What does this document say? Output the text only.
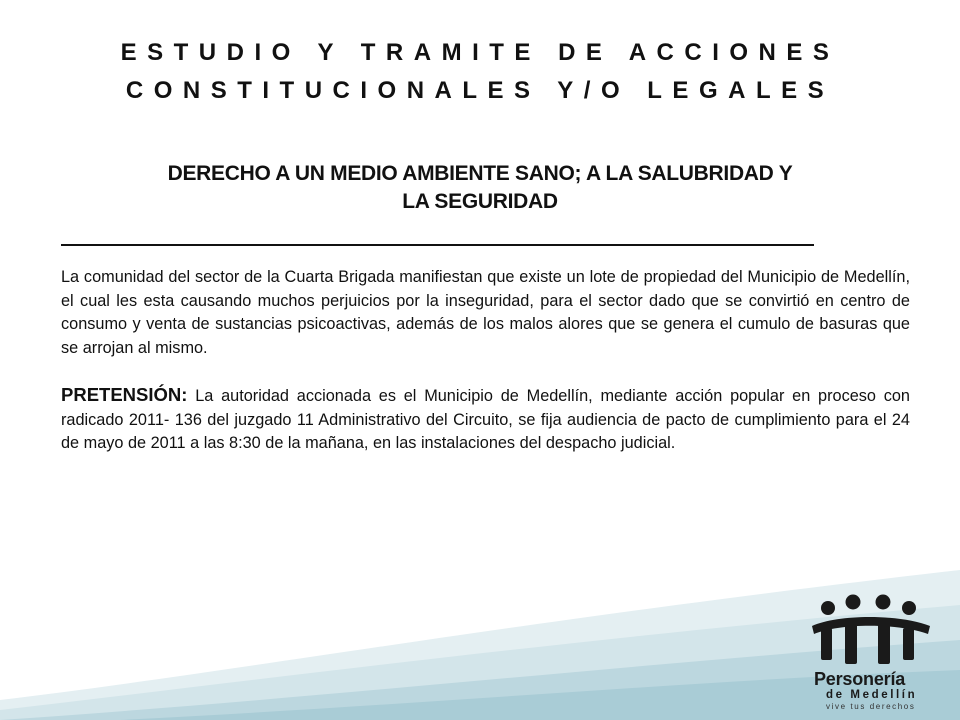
ESTUDIO Y TRAMITE DE ACCIONES
CONSTITUCIONALES Y/O LEGALES
DERECHO A UN MEDIO AMBIENTE SANO; A LA SALUBRIDAD Y
LA SEGURIDAD

La comunidad del sector de la Cuarta Brigada manifiestan que existe un lote de propiedad del Municipio de Medellín, el cual les esta causando muchos perjuicios por la inseguridad, para el sector dado que se convirtió en centro de consumo y venta de sustancias psicoactivas, además de los malos alores que se genera el cumulo de basuras que se arrojan al mismo.

PRETENSIÓN: La autoridad accionada es el Municipio de Medellín, mediante acción popular en proceso con radicado 2011- 136 del juzgado 11 Administrativo del Circuito, se fija audiencia de pacto de cumplimiento para el 24 de mayo de 2011 a las 8:30 de la mañana, en las instalaciones del despacho judicial.

Personería
de Medellín
vive tus derechos
